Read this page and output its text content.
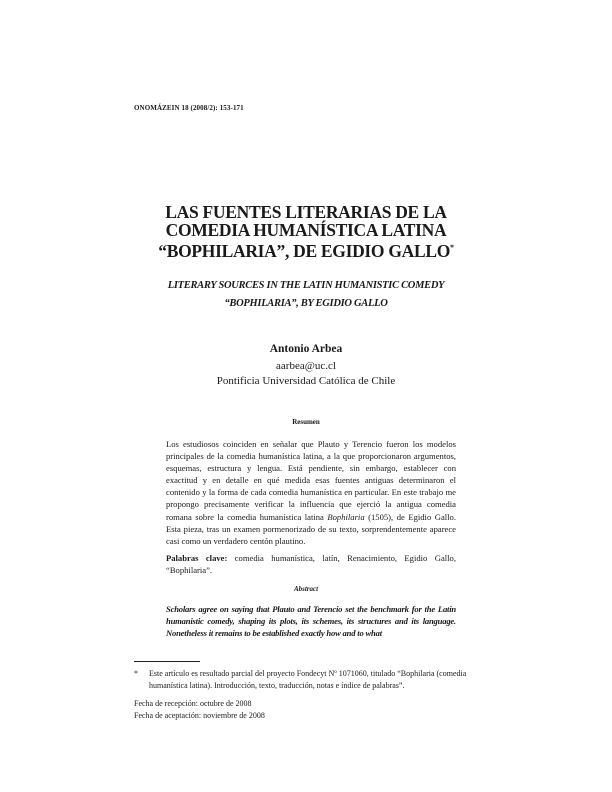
ONOMÁZEIN 18 (2008/2): 153-171
LAS FUENTES LITERARIAS DE LA
COMEDIA HUMANÍSTICA LATINA
“BOPHILARIA”, DE EGIDIO GALLO*
LITERARY SOURCES IN THE LATIN HUMANISTIC COMEDY
“BOPHILARIA”, BY EGIDIO GALLO
Antonio Arbea
aarbea@uc.cl
Pontificia Universidad Católica de Chile
Resumen
Los estudiosos coinciden en señalar que Plauto y Terencio fueron los modelos principales de la comedia humanística latina, a la que proporcionaron argumentos, esquemas, estructura y lengua. Está pendiente, sin embargo, establecer con exactitud y en detalle en qué medida esas fuentes antiguas determinaron el contenido y la forma de cada comedia humanística en particular. En este trabajo me propongo precisamente verificar la influencia que ejerció la antigua comedia romana sobre la comedia humanística latina Bophilaria (1505), de Egidio Gallo. Esta pieza, tras un examen pormenorizado de su texto, sorprendentemente aparece casi como un verdadero centón plautino.
Palabras clave: comedia humanística, latín, Renacimiento, Egidio Gallo, “Bophilaria”.
Abstract
Scholars agree on saying that Plauto and Terencio set the benchmark for the Latin humanistic comedy, shaping its plots, its schemes, its structures and its language. Nonetheless it remains to be established exactly how and to what
* Este artículo es resultado parcial del proyecto Fondecyt Nº 1071060, titulado “Bophilaria (comedia humanística latina). Introducción, texto, traducción, notas e índice de palabras”.
Fecha de recepción: octubre de 2008
Fecha de aceptación: noviembre de 2008
